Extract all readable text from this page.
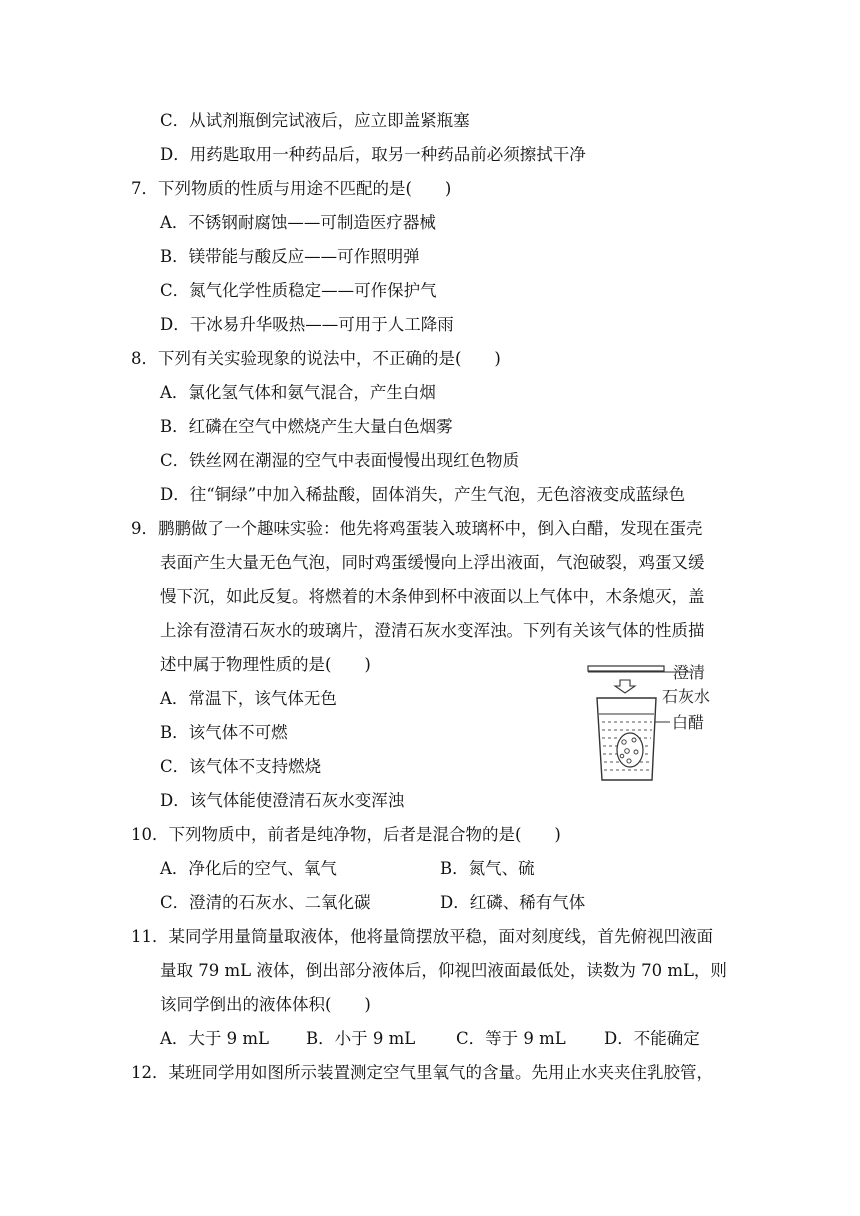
C．从试剂瓶倒完试液后，应立即盖紧瓶塞
D．用药匙取用一种药品后，取另一种药品前必须擦拭干净
7．下列物质的性质与用途不匹配的是(　　)
A．不锈钢耐腐蚀——可制造医疗器械
B．镁带能与酸反应——可作照明弹
C．氮气化学性质稳定——可作保护气
D．干冰易升华吸热——可用于人工降雨
8．下列有关实验现象的说法中，不正确的是(　　)
A．氯化氢气体和氨气混合，产生白烟
B．红磷在空气中燃烧产生大量白色烟雾
C．铁丝网在潮湿的空气中表面慢慢出现红色物质
D．往“铜绿”中加入稀盐酸，固体消失，产生气泡，无色溶液变成蓝绿色
9．鹏鹏做了一个趣味实验：他先将鸡蛋装入玻璃杯中，倒入白醋，发现在蛋壳
表面产生大量无色气泡，同时鸡蛋缓慢向上浮出液面，气泡破裂，鸡蛋又缓
慢下沉，如此反复。将燃着的木条伸到杯中液面以上气体中，木条熄灭，盖
上涂有澄清石灰水的玻璃片，澄清石灰水变浑浊。下列有关该气体的性质描
述中属于物理性质的是(　　)
A．常温下，该气体无色
B．该气体不可燃
C．该气体不支持燃烧
D．该气体能使澄清石灰水变浑浊
澄清
石灰水
白醋
10．下列物质中，前者是纯净物，后者是混合物的是(　　)
A．净化后的空气、氧气	B．氮气、硫
C．澄清的石灰水、二氧化碳	D．红磷、稀有气体
11．某同学用量筒量取液体，他将量筒摆放平稳，面对刻度线，首先俯视凹液面
量取 79 mL 液体，倒出部分液体后，仰视凹液面最低处，读数为 70 mL，则
该同学倒出的液体体积(　　)
A．大于 9 mL B．小于 9 mL C．等于 9 mL D．不能确定
12．某班同学用如图所示装置测定空气里氧气的含量。先用止水夹夹住乳胶管，
